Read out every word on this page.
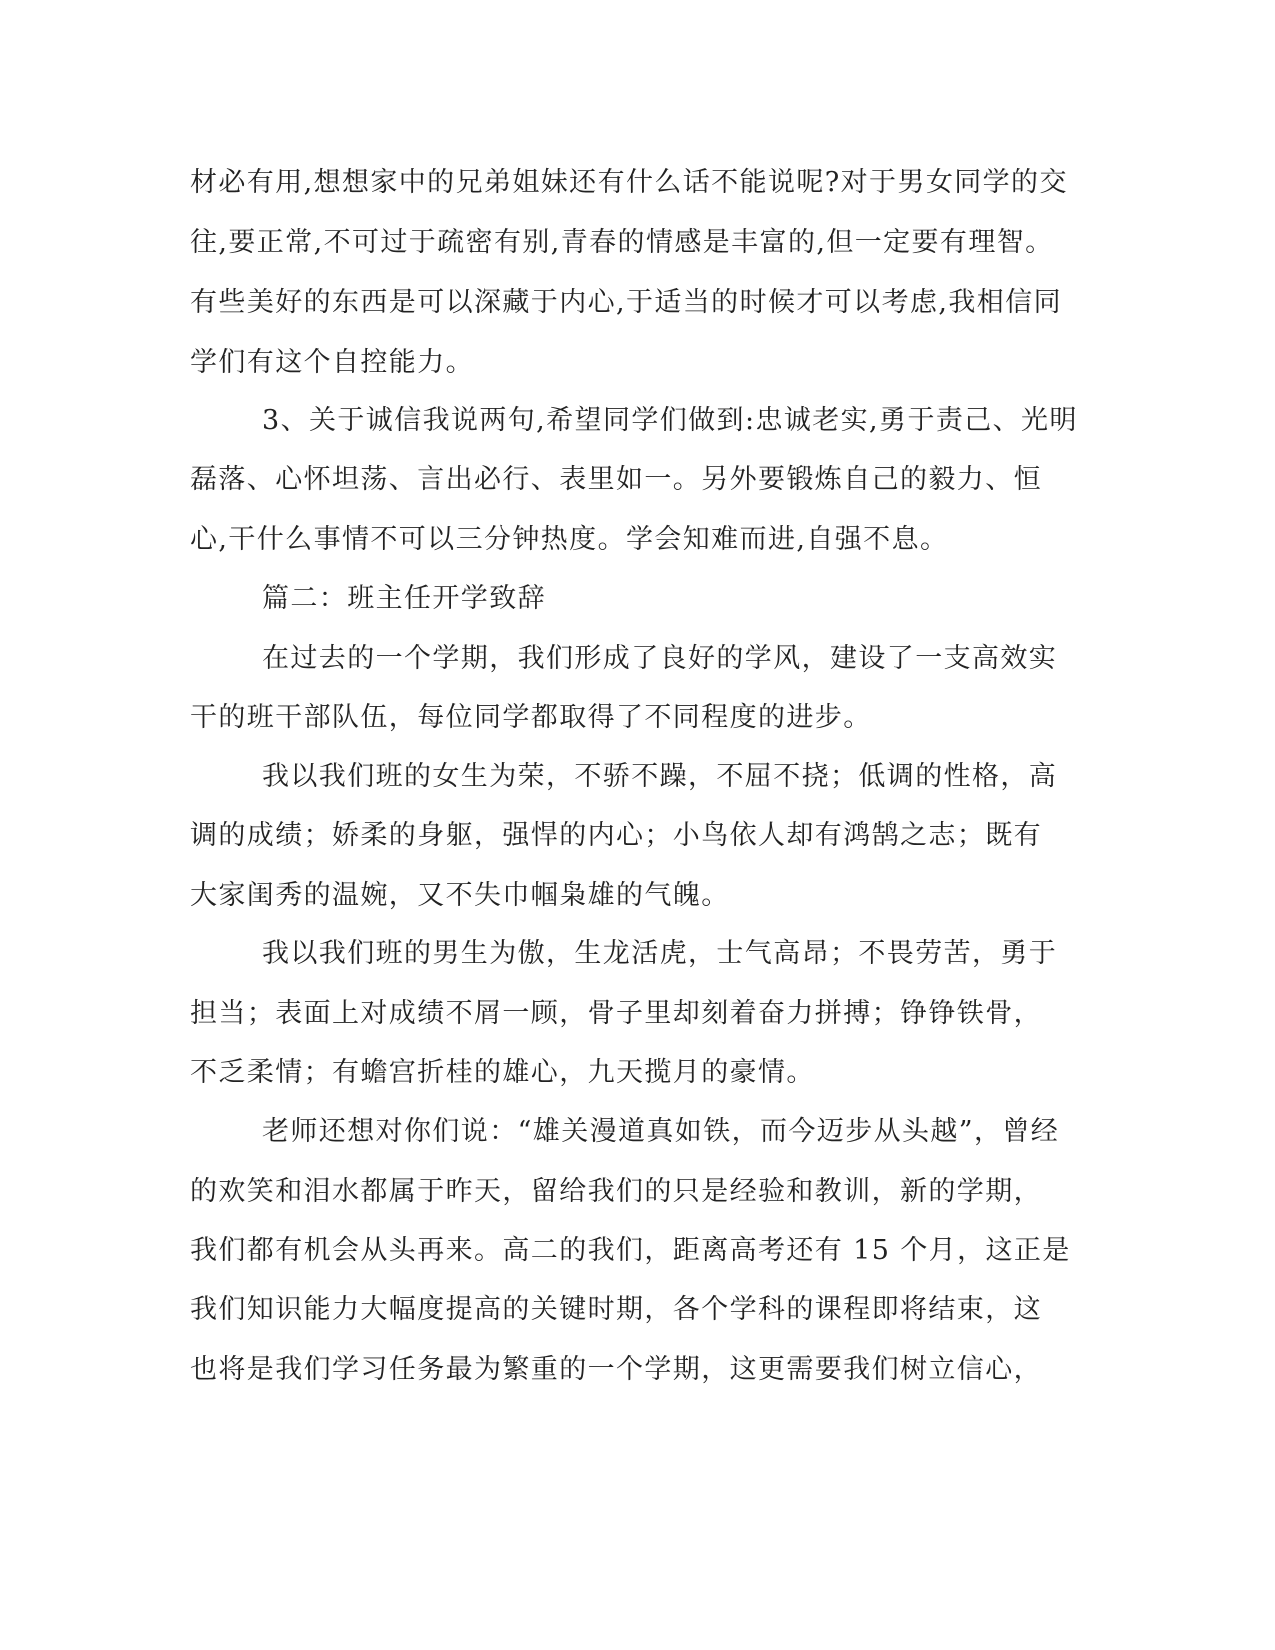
材必有用,想想家中的兄弟姐妹还有什么话不能说呢?对于男女同学的交

往,要正常,不可过于疏密有别,青春的情感是丰富的,但一定要有理智。

有些美好的东西是可以深藏于内心,于适当的时候才可以考虑,我相信同

学们有这个自控能力。

3、关于诚信我说两句,希望同学们做到:忠诚老实,勇于责己、光明

磊落、心怀坦荡、言出必行、表里如一。另外要锻炼自己的毅力、恒

心,干什么事情不可以三分钟热度。学会知难而进,自强不息。

篇二：班主任开学致辞

在过去的一个学期，我们形成了良好的学风，建设了一支高效实

干的班干部队伍，每位同学都取得了不同程度的进步。

我以我们班的女生为荣，不骄不躁，不屈不挠；低调的性格，高

调的成绩；娇柔的身躯，强悍的内心；小鸟依人却有鸿鹄之志；既有

大家闺秀的温婉，又不失巾帼枭雄的气魄。

我以我们班的男生为傲，生龙活虎，士气高昂；不畏劳苦，勇于

担当；表面上对成绩不屑一顾，骨子里却刻着奋力拼搏；铮铮铁骨，

不乏柔情；有蟾宫折桂的雄心，九天揽月的豪情。

老师还想对你们说：“雄关漫道真如铁，而今迈步从头越”，曾经

的欢笑和泪水都属于昨天，留给我们的只是经验和教训，新的学期，

我们都有机会从头再来。高二的我们，距离高考还有 15 个月，这正是

我们知识能力大幅度提高的关键时期，各个学科的课程即将结束，这

也将是我们学习任务最为繁重的一个学期，这更需要我们树立信心，
